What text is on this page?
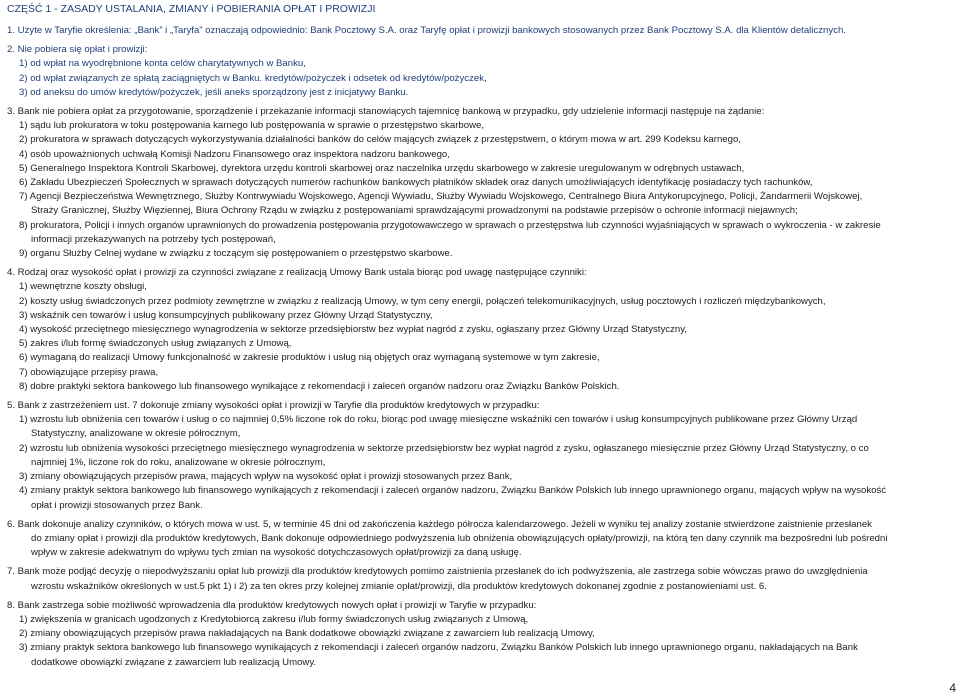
CZĘŚĆ 1 - ZASADY USTALANIA, ZMIANY i POBIERANIA OPŁAT I PROWIZJI
1. Użyte w Taryfie określenia: „Bank” i „Taryfa” oznaczają odpowiednio: Bank Pocztowy S.A. oraz Taryfę opłat i prowizji bankowych stosowanych przez Bank Pocztowy S.A. dla Klientów detalicznych.
2. Nie pobiera się opłat i prowizji:
1) od wpłat na wyodrębnione konta celów charytatywnych w Banku,
2) od wpłat związanych ze spłatą zaciągniętych w Banku. kredytów/pożyczek i odsetek od kredytów/pożyczek,
3) od aneksu do umów kredytów/pożyczek, jeśli aneks sporządzony jest z inicjatywy Banku.
3. Bank nie pobiera opłat za przygotowanie, sporządzenie i przekazanie informacji stanowiących tajemnicę bankową w przypadku, gdy udzielenie informacji następuje na żądanie:
1) sądu lub prokuratora w toku postępowania karnego lub postępowania w sprawie o przestępstwo skarbowe,
2) prokuratora w sprawach dotyczących wykorzystywania działalności banków do celów mających związek z przestępstwem, o którym mowa w art. 299 Kodeksu karnego,
4) osób upoważnionych uchwałą Komisji Nadzoru Finansowego oraz inspektora nadzoru bankowego,
5) Generalnego Inspektora Kontroli Skarbowej, dyrektora urzędu kontroli skarbowej oraz naczelnika urzędu skarbowego w zakresie uregulowanym w odrębnych ustawach,
6) Zakładu Ubezpieczeń Społecznych w sprawach dotyczących numerów rachunków bankowych płatników składek oraz danych umożliwiających identyfikację posiadaczy tych rachunków,
7) Agencji Bezpieczeństwa Wewnętrznego, Służby Kontrwywiadu Wojskowego, Agencji Wywiadu, Służby Wywiadu Wojskowego, Centralnego Biura Antykorupcyjnego, Policji, Żandarmerii Wojskowej,
Straży Granicznej, Służby Więziennej, Biura Ochrony Rządu w związku z postępowaniami sprawdzającymi prowadzonymi na podstawie przepisów o ochronie informacji niejawnych;
8) prokuratora, Policji i innych organów uprawnionych do prowadzenia postępowania przygotowawczego w sprawach o przestępstwa lub czynności wyjaśniających w sprawach o wykroczenia - w zakresie
informacji przekazywanych na potrzeby tych postępowań,
9) organu Służby Celnej wydane w związku z toczącym się postępowaniem o przestępstwo skarbowe.
4. Rodzaj oraz wysokość opłat i prowizji za czynności związane z realizacją Umowy Bank ustala biorąc pod uwagę następujące czynniki:
1) wewnętrzne koszty obsługi,
2) koszty usług świadczonych przez podmioty zewnętrzne w związku z realizacją Umowy, w tym ceny energii, połączeń telekomunikacyjnych, usług pocztowych i rozliczeń międzybankowych,
3) wskaźnik cen towarów i usług konsumpcyjnych publikowany przez Główny Urząd Statystyczny,
4) wysokość przeciętnego miesięcznego wynagrodzenia w sektorze przedsiębiorstw bez wypłat nagród z zysku, ogłaszany przez Główny Urząd Statystyczny,
5) zakres i/lub formę świadczonych usług związanych z Umową,
6) wymaganą do realizacji Umowy funkcjonalność w zakresie produktów i usług nią objętych oraz wymaganą systemowe w tym zakresie,
7) obowiązujące przepisy prawa,
8) dobre praktyki sektora bankowego lub finansowego wynikające z rekomendacji i zaleceń organów nadzoru oraz Związku Banków Polskich.
5. Bank z zastrzeżeniem ust. 7 dokonuje zmiany wysokości opłat i prowizji w Taryfie dla produktów kredytowych w przypadku:
1) wzrostu lub obniżenia cen towarów i usług o co najmniej 0,5% liczone rok do roku, biorąc pod uwagę miesięczne wskaźniki cen towarów i usług konsumpcyjnych publikowane przez Główny Urząd
Statystyczny, analizowane w okresie półrocznym,
2) wzrostu lub obniżenia wysokości przeciętnego miesięcznego wynagrodzenia w sektorze przedsiębiorstw bez wypłat nagród z zysku, ogłaszanego miesięcznie przez Główny Urząd Statystyczny, o co
najmniej 1%, liczone rok do roku, analizowane w okresie półrocznym,
3) zmiany obowiązujących przepisów prawa, mających wpływ na wysokość opłat i prowizji stosowanych przez Bank,
4) zmiany praktyk sektora bankowego lub finansowego wynikających z rekomendacji i zaleceń organów nadzoru, Związku Banków Polskich lub innego uprawnionego organu, mających wpływ na wysokość
opłat i prowizji stosowanych przez Bank.
6. Bank dokonuje analizy czynników, o których mowa w ust. 5, w terminie 45 dni od zakończenia każdego półrocza kalendarzowego. Jeżeli w wyniku tej analizy zostanie stwierdzone zaistnienie przesłanek
do zmiany opłat i prowizji dla produktów kredytowych, Bank dokonuje odpowiedniego podwyższenia lub obniżenia obowiązujących opłaty/prowizji, na którą ten dany czynnik ma bezpośredni lub pośredni
wpływ w zakresie adekwatnym do wpływu tych zmian na wysokość dotychczasowych opłat/prowizji za daną usługę.
7. Bank może podjąć decyzję o niepodwyższaniu opłat lub prowizji dla produktów kredytowych pomimo zaistnienia przesłanek do ich podwyższenia, ale zastrzega sobie wówczas prawo do uwzględnienia
wzrostu wskaźników określonych w ust.5 pkt 1) i 2) za ten okres przy kolejnej zmianie opłat/prowizji, dla produktów kredytowych dokonanej zgodnie z postanowieniami ust. 6.
8. Bank zastrzega sobie możliwość wprowadzenia dla produktów kredytowych nowych opłat i prowizji w Taryfie w przypadku:
1) zwiększenia w granicach ugodzonych z Kredytobiorcą zakresu i/lub formy świadczonych usług związanych z Umową,
2) zmiany obowiązujących przepisów prawa nakładających na Bank dodatkowe obowiązki związane z zawarciem lub realizacją Umowy,
3) zmiany praktyk sektora bankowego lub finansowego wynikających z rekomendacji i zaleceń organów nadzoru, Związku Banków Polskich lub innego uprawnionego organu, nakładających na Bank
dodatkowe obowiązki związane z zawarciem lub realizacją Umowy.
4
